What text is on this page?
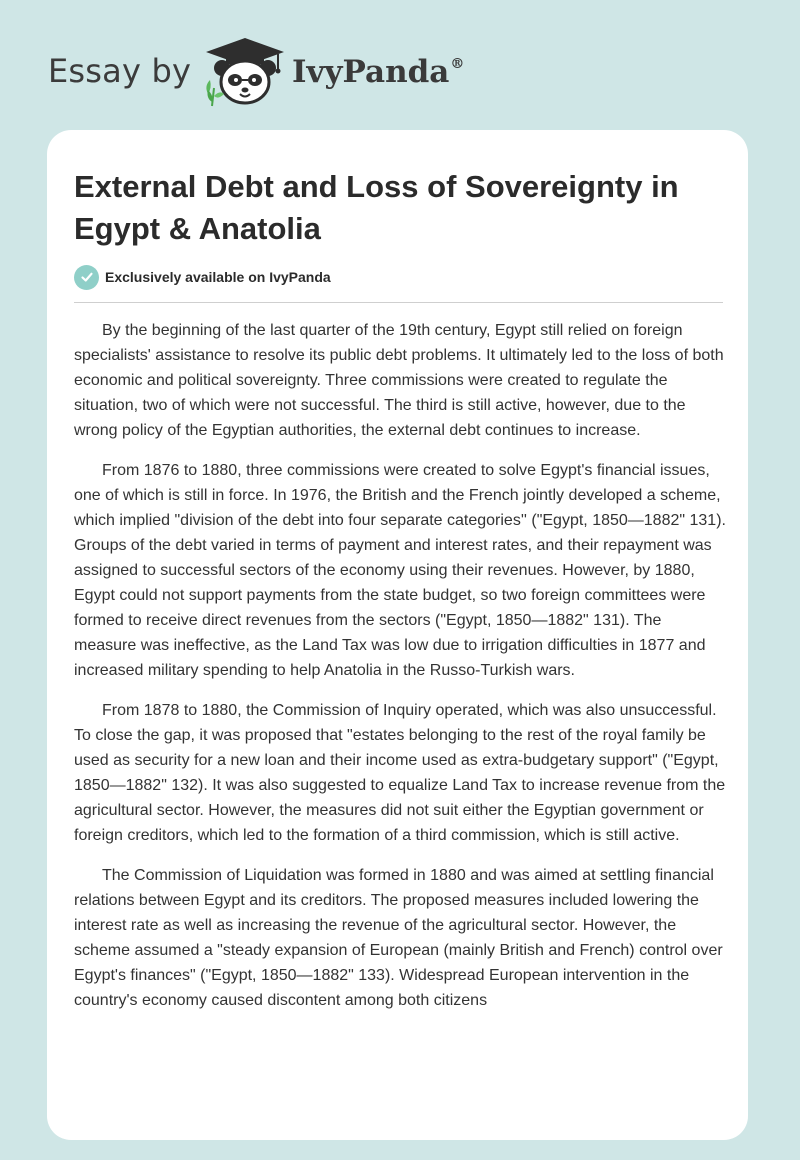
Essay by	IvyPanda®
External Debt and Loss of Sovereignty in Egypt & Anatolia
Exclusively available on IvyPanda

By the beginning of the last quarter of the 19th century, Egypt still relied on foreign specialists' assistance to resolve its public debt problems. It ultimately led to the loss of both economic and political sovereignty. Three commissions were created to regulate the situation, two of which were not successful. The third is still active, however, due to the wrong policy of the Egyptian authorities, the external debt continues to increase.

From 1876 to 1880, three commissions were created to solve Egypt's financial issues, one of which is still in force. In 1976, the British and the French jointly developed a scheme, which implied "division of the debt into four separate categories'' ("Egypt, 1850—1882" 131). Groups of the debt varied in terms of payment and interest rates, and their repayment was assigned to successful sectors of the economy using their revenues. However, by 1880, Egypt could not support payments from the state budget, so two foreign committees were formed to receive direct revenues from the sectors ("Egypt, 1850—1882" 131). The measure was ineffective, as the Land Tax was low due to irrigation difficulties in 1877 and increased military spending to help Anatolia in the Russo-Turkish wars.

From 1878 to 1880, the Commission of Inquiry operated, which was also unsuccessful. To close the gap, it was proposed that "estates belonging to the rest of the royal family be used as security for a new loan and their income used as extra-budgetary support" ("Egypt, 1850—1882" 132). It was also suggested to equalize Land Tax to increase revenue from the agricultural sector. However, the measures did not suit either the Egyptian government or foreign creditors, which led to the formation of a third commission, which is still active.

The Commission of Liquidation was formed in 1880 and was aimed at settling financial relations between Egypt and its creditors. The proposed measures included lowering the interest rate as well as increasing the revenue of the agricultural sector. However, the scheme assumed a "steady expansion of European (mainly British and French) control over Egypt's finances" ("Egypt, 1850—1882" 133). Widespread European intervention in the country's economy caused discontent among both citizens
